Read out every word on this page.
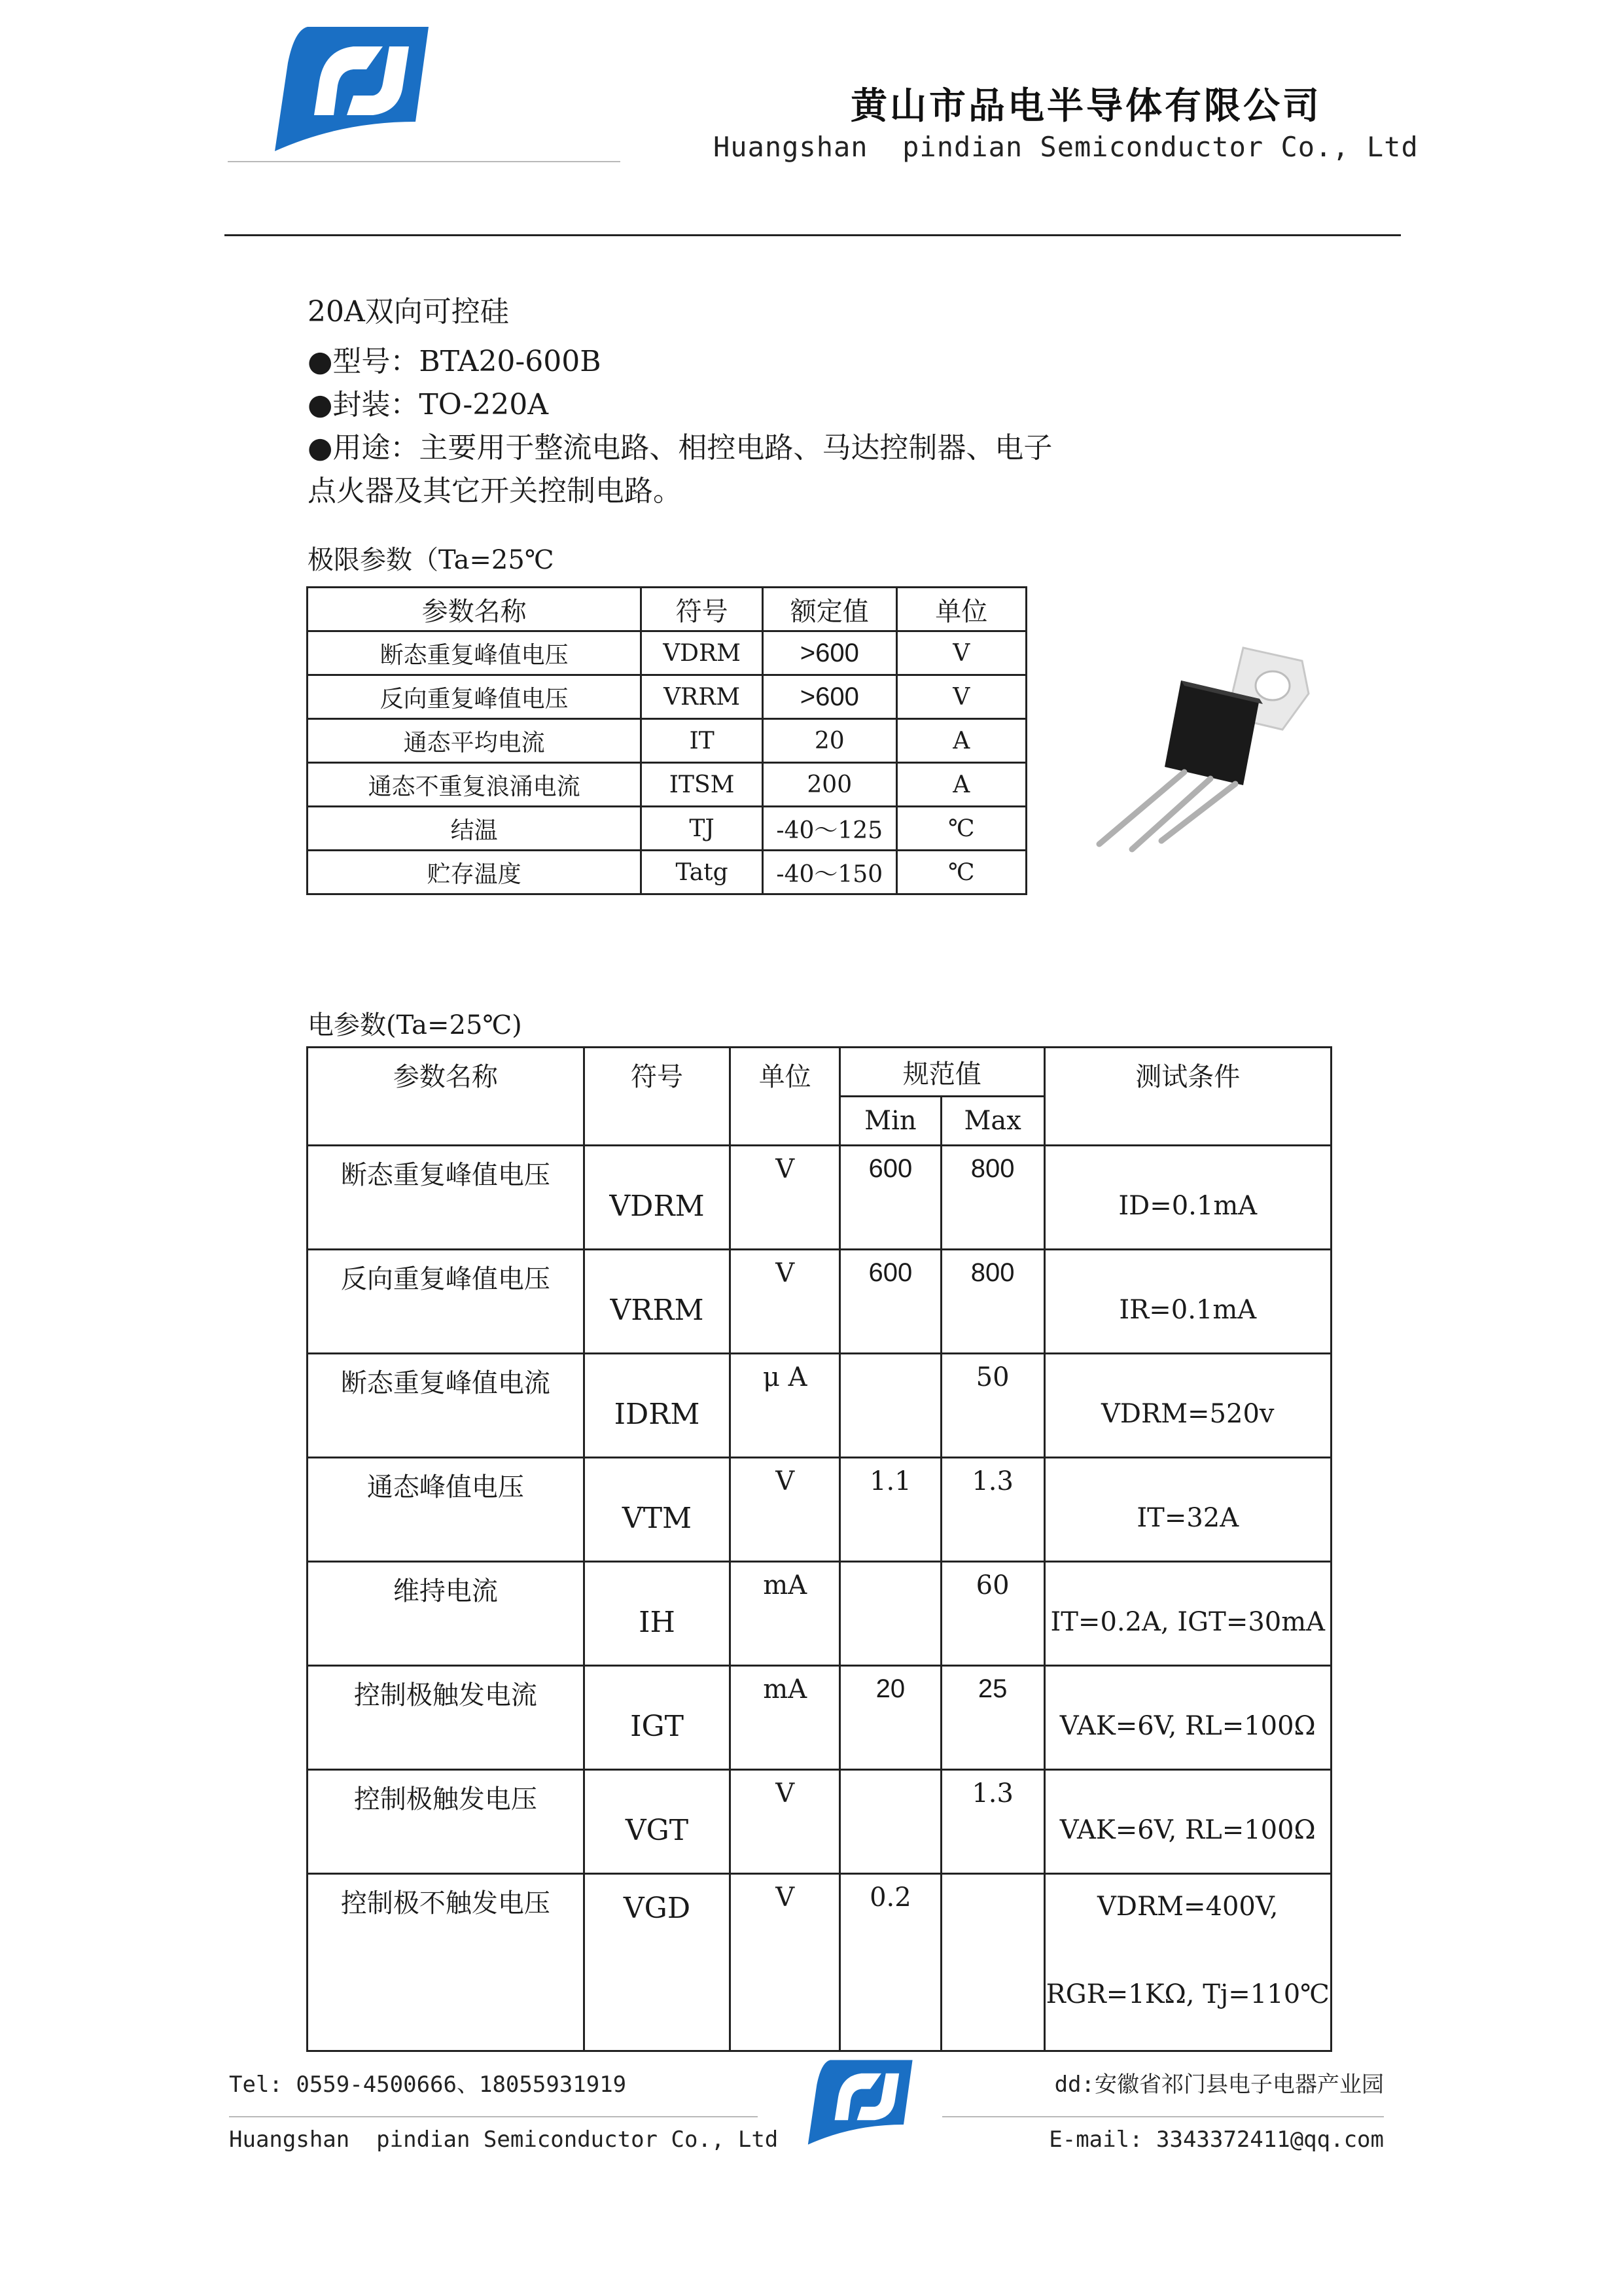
黄山市品电半导体有限公司
Huangshan  pindian Semiconductor Co., Ltd
20A双向可控硅
●型号：BTA20-600B
●封装：TO-220A
●用途：主要用于整流电路、相控电路、马达控制器、电子
点火器及其它开关控制电路。
极限参数（Ta=25℃
参数名称	符号	额定值	单位
断态重复峰值电压	VDRM	>600	V
反向重复峰值电压	VRRM	>600	V
通态平均电流	IT	20	A
通态不重复浪涌电流	ITSM	200	A
结温	TJ	-40～125	℃
贮存温度	Tatg	-40～150	℃
电参数(Ta=25℃)
参数名称	符号	单位	规范值		测试条件
			Min	Max	
断态重复峰值电压	VDRM	V	600	800	ID=0.1mA
反向重复峰值电压	VRRM	V	600	800	IR=0.1mA
断态重复峰值电流	IDRM	μ A		50	VDRM=520v
通态峰值电压	VTM	V	1.1	1.3	IT=32A
维持电流	IH	mA		60	IT=0.2A, IGT=30mA
控制极触发电流	IGT	mA	20	25	VAK=6V, RL=100Ω
控制极触发电压	VGT	V		1.3	VAK=6V, RL=100Ω
控制极不触发电压	VGD	V	0.2		VDRM=400V,
RGR=1KΩ, Tj=110℃
Tel: 0559-4500666、18055931919
Huangshan  pindian Semiconductor Co., Ltd
dd:安徽省祁门县电子电器产业园
E-mail: 3343372411@qq.com
